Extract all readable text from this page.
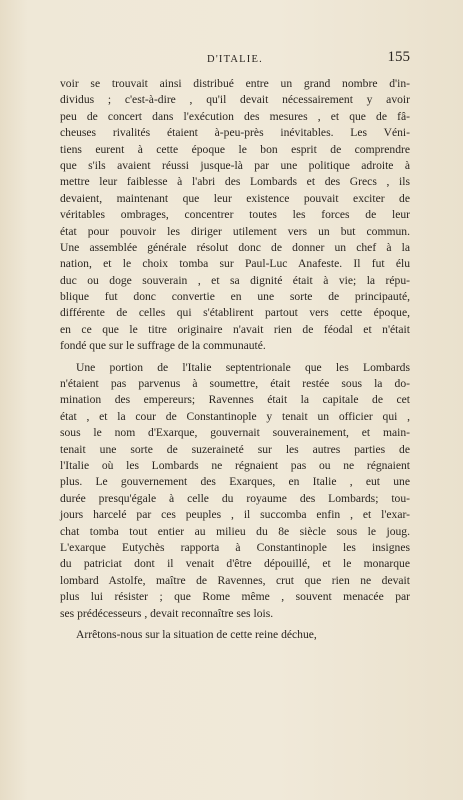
D'ITALIE.	155
voir se trouvait ainsi distribué entre un grand nombre d'in-
dividus ; c'est-à-dire , qu'il devait nécessairement y avoir
peu de concert dans l'exécution des mesures , et que de fâ-
cheuses rivalités étaient à-peu-près inévitables. Les Véni-
tiens eurent à cette époque le bon esprit de comprendre
que s'ils avaient réussi jusque-là par une politique adroite à
mettre leur faiblesse à l'abri des Lombards et des Grecs , ils
devaient, maintenant que leur existence pouvait exciter de
véritables ombrages, concentrer toutes les forces de leur
état pour pouvoir les diriger utilement vers un but commun.
Une assemblée générale résolut donc de donner un chef à la
nation, et le choix tomba sur Paul-Luc Anafeste. Il fut élu
duc ou doge souverain , et sa dignité était à vie; la répu-
blique fut donc convertie en une sorte de principauté,
différente de celles qui s'établirent partout vers cette époque,
en ce que le titre originaire n'avait rien de féodal et n'était
fondé que sur le suffrage de la communauté.
Une portion de l'Italie septentrionale que les Lombards
n'étaient pas parvenus à soumettre, était restée sous la do-
mination des empereurs; Ravennes était la capitale de cet
état , et la cour de Constantinople y tenait un officier qui ,
sous le nom d'Exarque, gouvernait souverainement, et main-
tenait une sorte de suzeraineté sur les autres parties de
l'Italie où les Lombards ne régnaient pas ou ne régnaient
plus. Le gouvernement des Exarques, en Italie , eut une
durée presqu'égale à celle du royaume des Lombards; tou-
jours harcelé par ces peuples , il succomba enfin , et l'exar-
chat tomba tout entier au milieu du 8e siècle sous le joug.
L'exarque Eutychès rapporta à Constantinople les insignes
du patriciat dont il venait d'être dépouillé, et le monarque
lombard Astolfe, maître de Ravennes, crut que rien ne devait
plus lui résister ; que Rome même , souvent menacée par
ses prédécesseurs , devait reconnaître ses lois.
Arrêtons-nous sur la situation de cette reine déchue,
